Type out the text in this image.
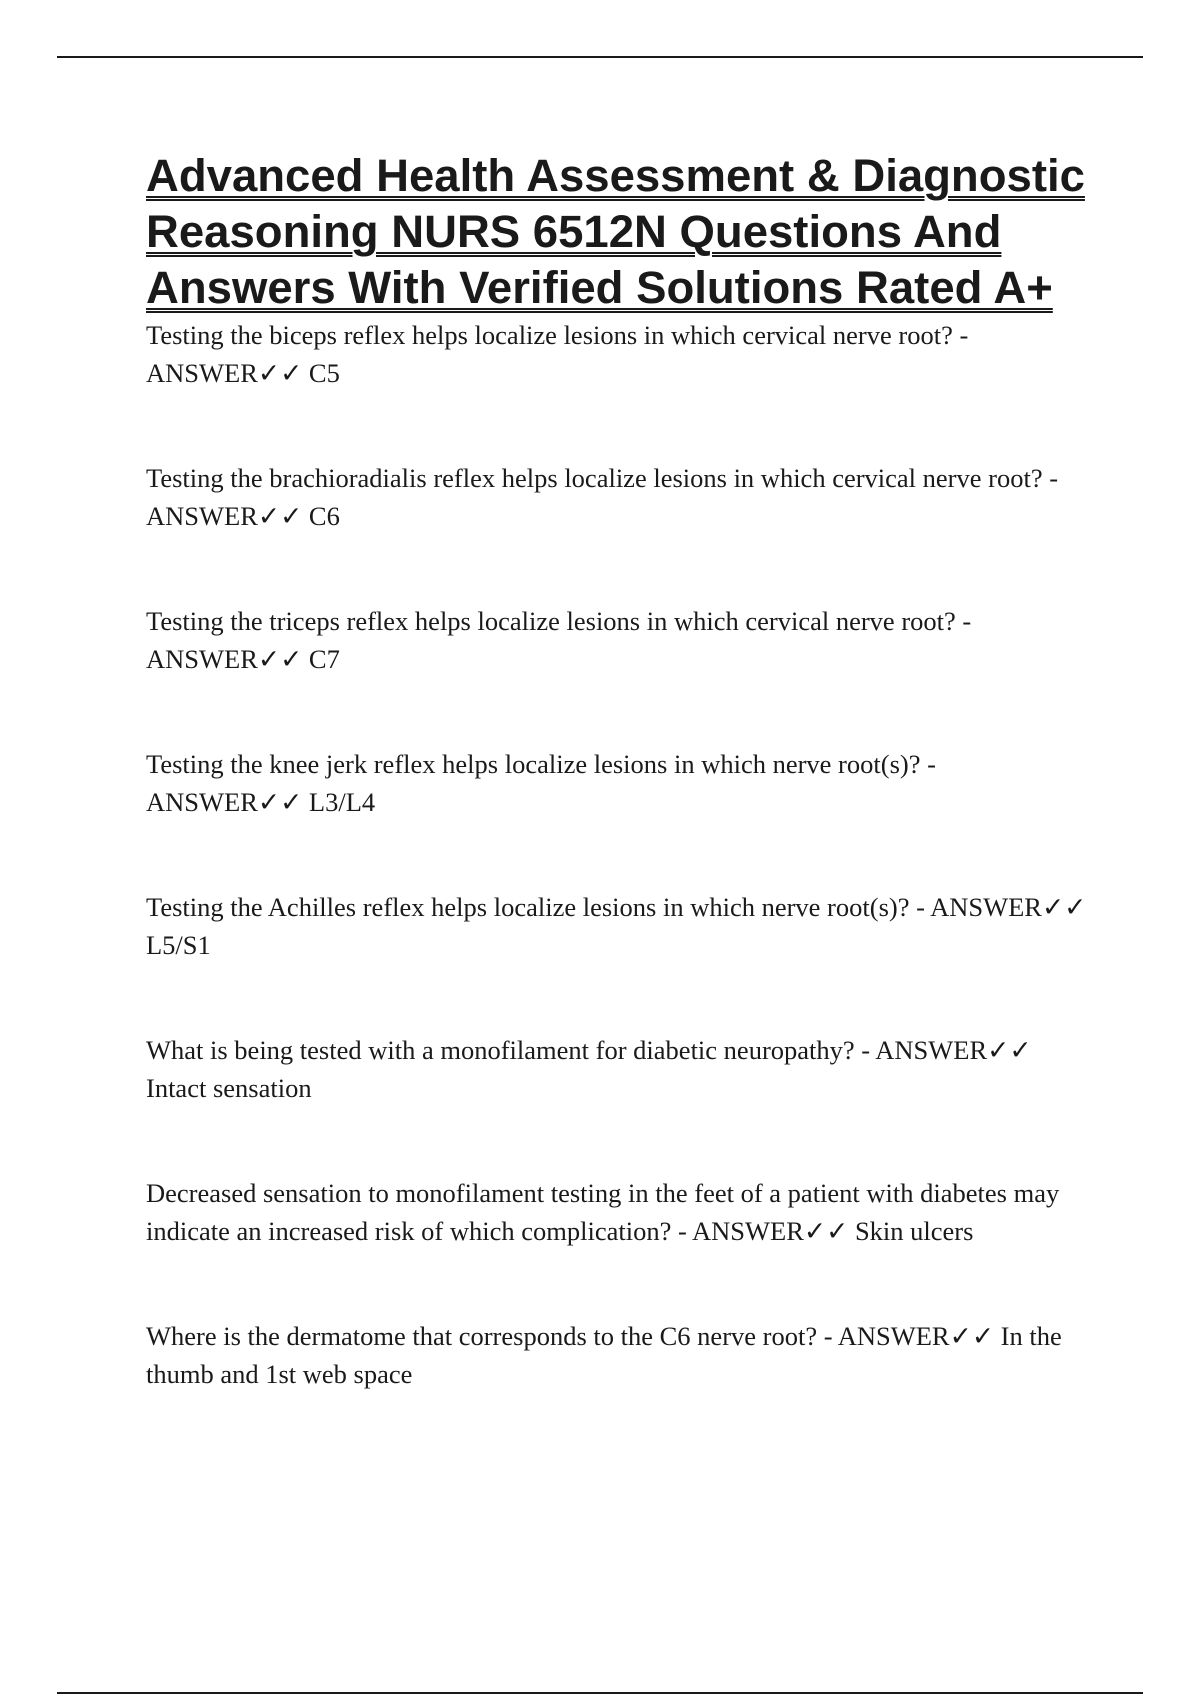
Advanced Health Assessment & Diagnostic Reasoning NURS 6512N Questions And Answers With Verified Solutions Rated A+

Testing the biceps reflex helps localize lesions in which cervical nerve root? - ANSWER✓✓ C5

Testing the brachioradialis reflex helps localize lesions in which cervical nerve root? - ANSWER✓✓ C6

Testing the triceps reflex helps localize lesions in which cervical nerve root? - ANSWER✓✓ C7

Testing the knee jerk reflex helps localize lesions in which nerve root(s)? - ANSWER✓✓ L3/L4

Testing the Achilles reflex helps localize lesions in which nerve root(s)? - ANSWER✓✓ L5/S1

What is being tested with a monofilament for diabetic neuropathy? - ANSWER✓✓ Intact sensation

Decreased sensation to monofilament testing in the feet of a patient with diabetes may indicate an increased risk of which complication? - ANSWER✓✓ Skin ulcers

Where is the dermatome that corresponds to the C6 nerve root? - ANSWER✓✓ In the thumb and 1st web space
